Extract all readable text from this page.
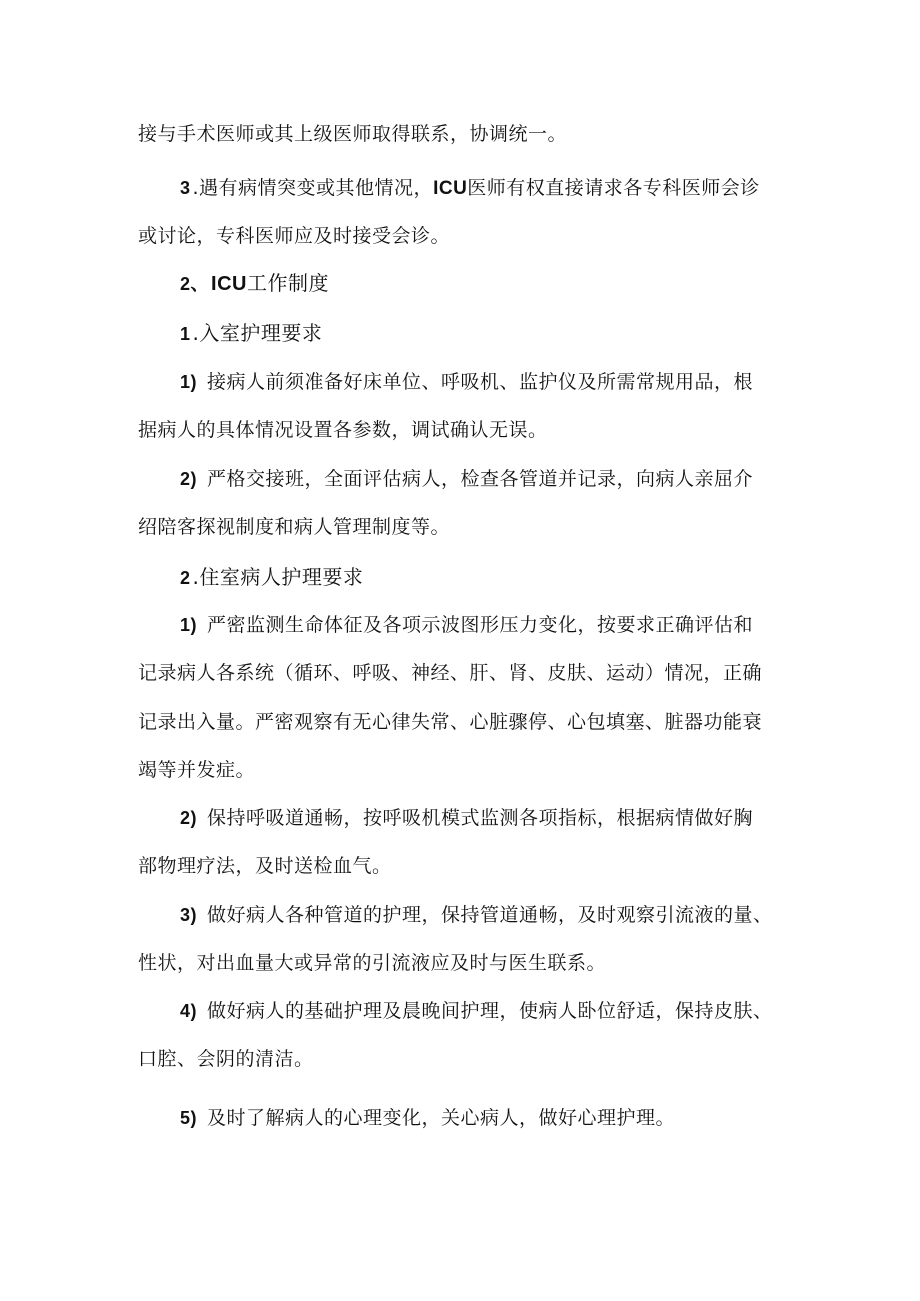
接与手术医师或其上级医师取得联系，协调统一。
3 .遇有病情突变或其他情况，ICU医师有权直接请求各专科医师会诊
或讨论，专科医师应及时接受会诊。
2、 ICU工作制度
1 .入室护理要求
1) 接病人前须准备好床单位、呼吸机、监护仪及所需常规用品，根
据病人的具体情况设置各参数，调试确认无误。
2) 严格交接班，全面评估病人，检查各管道并记录，向病人亲屈介
绍陪客探视制度和病人管理制度等。
2 .住室病人护理要求
1) 严密监测生命体征及各项示波图形压力变化，按要求正确评估和
记录病人各系统（循环、呼吸、神经、肝、肾、皮肤、运动）情况，正确
记录出入量。严密观察有无心律失常、心脏骤停、心包填塞、脏器功能衰
竭等并发症。
2) 保持呼吸道通畅，按呼吸机模式监测各项指标，根据病情做好胸
部物理疗法，及时送检血气。
3) 做好病人各种管道的护理，保持管道通畅，及时观察引流液的量、
性状，对出血量大或异常的引流液应及时与医生联系。
4) 做好病人的基础护理及晨晚间护理，使病人卧位舒适，保持皮肤、
口腔、会阴的清洁。
5) 及时了解病人的心理变化，关心病人，做好心理护理。
